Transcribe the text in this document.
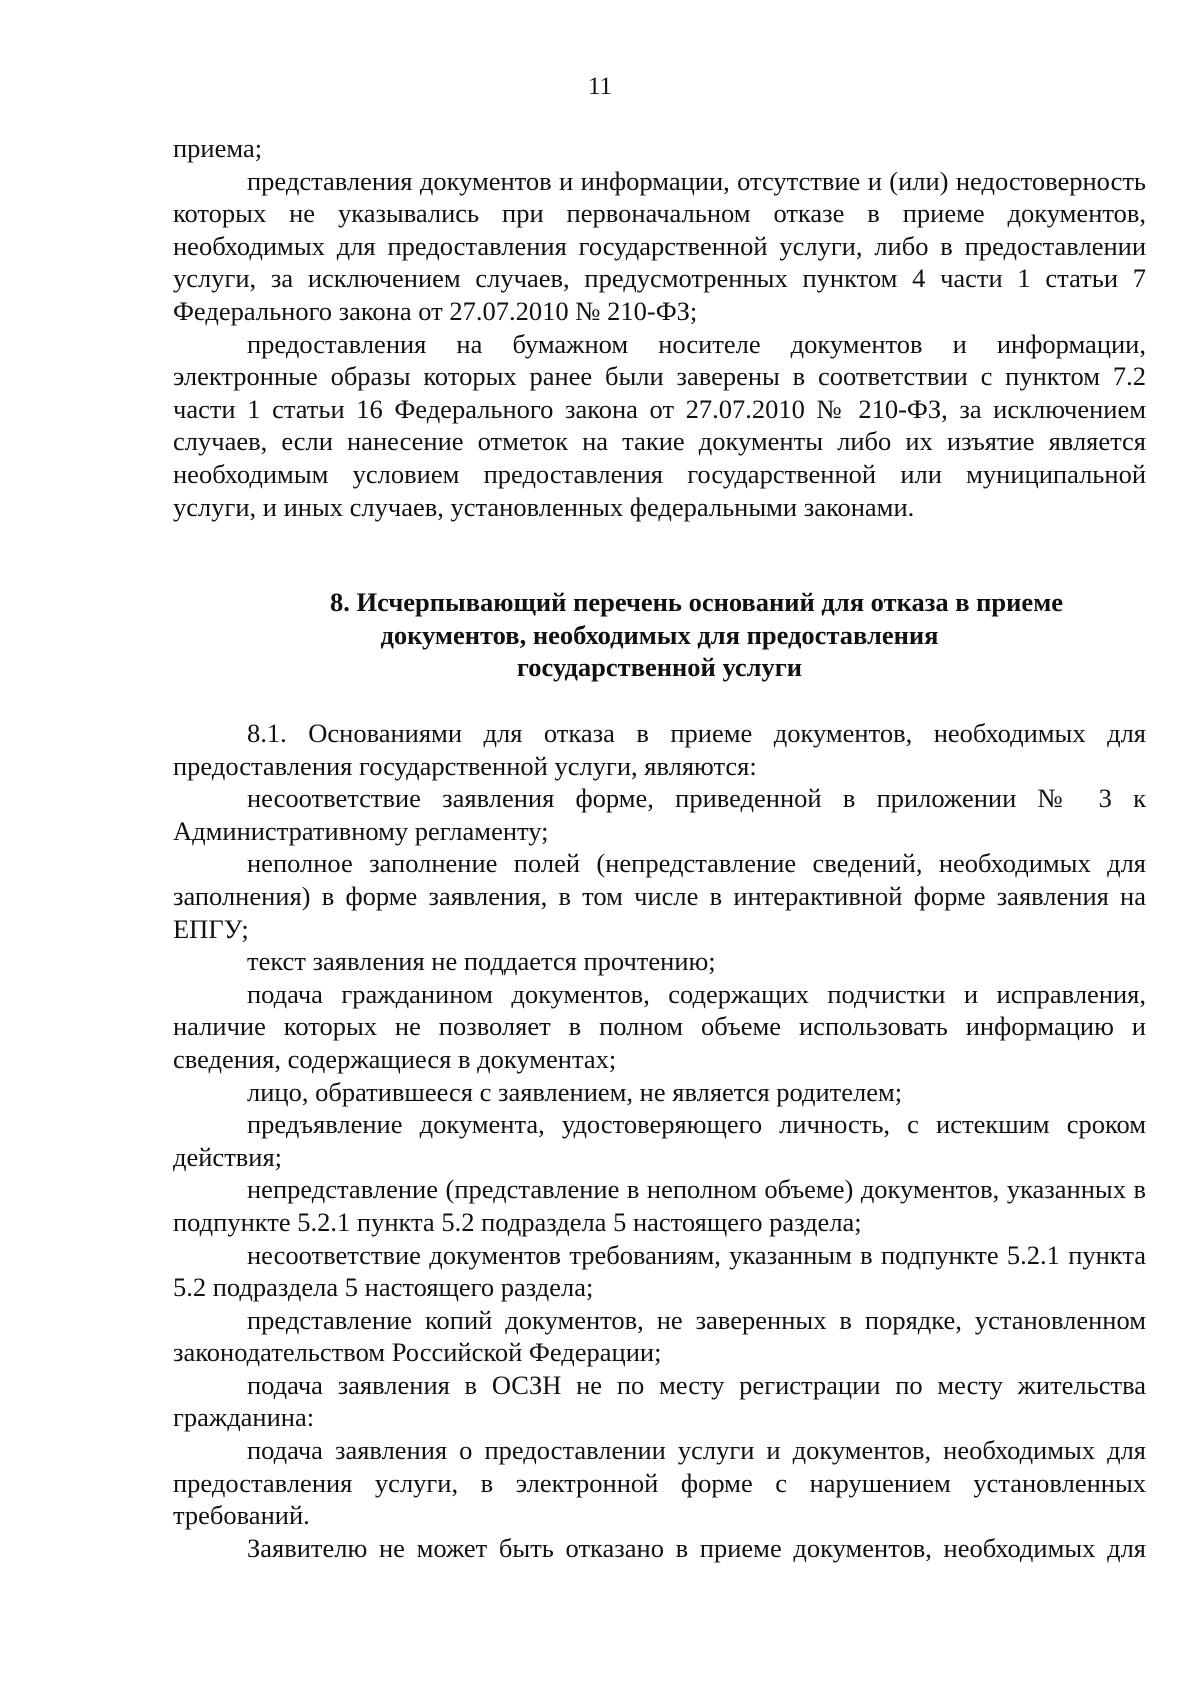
11

приема;

представления документов и информации, отсутствие и (или) недостоверность которых не указывались при первоначальном отказе в приеме документов, необходимых для предоставления государственной услуги, либо в предоставлении услуги, за исключением случаев, предусмотренных пунктом 4 части 1 статьи 7 Федерального закона от 27.07.2010 № 210-ФЗ;

предоставления на бумажном носителе документов и информации, электронные образы которых ранее были заверены в соответствии с пунктом 7.2 части 1 статьи 16 Федерального закона от 27.07.2010 № 210-ФЗ, за исключением случаев, если нанесение отметок на такие документы либо их изъятие является необходимым условием предоставления государственной или муниципальной услуги, и иных случаев, установленных федеральными законами.

8. Исчерпывающий перечень оснований для отказа в приеме
документов, необходимых для предоставления
государственной услуги

8.1. Основаниями для отказа в приеме документов, необходимых для предоставления государственной услуги, являются:

несоответствие заявления форме, приведенной в приложении № 3 к Административному регламенту;

неполное заполнение полей (непредставление сведений, необходимых для заполнения) в форме заявления, в том числе в интерактивной форме заявления на ЕПГУ;

текст заявления не поддается прочтению;

подача гражданином документов, содержащих подчистки и исправления, наличие которых не позволяет в полном объеме использовать информацию и сведения, содержащиеся в документах;

лицо, обратившееся с заявлением, не является родителем;

предъявление документа, удостоверяющего личность, с истекшим сроком действия;

непредставление (представление в неполном объеме) документов, указанных в подпункте 5.2.1 пункта 5.2 подраздела 5 настоящего раздела;

несоответствие документов требованиям, указанным в подпункте 5.2.1 пункта 5.2 подраздела 5 настоящего раздела;

представление копий документов, не заверенных в порядке, установленном законодательством Российской Федерации;

подача заявления в ОСЗН не по месту регистрации по месту жительства гражданина:

подача заявления о предоставлении услуги и документов, необходимых для предоставления услуги, в электронной форме с нарушением установленных требований.

Заявителю не может быть отказано в приеме документов, необходимых для
